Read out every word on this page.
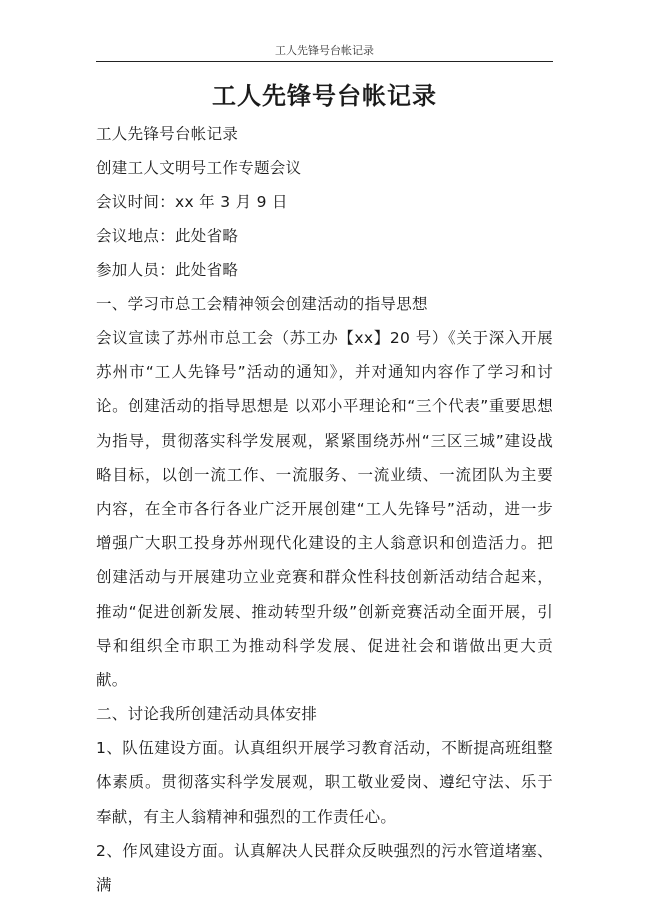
工人先锋号台帐记录
工人先锋号台帐记录
工人先锋号台帐记录
创建工人文明号工作专题会议
会议时间：xx 年 3 月 9 日
会议地点：此处省略
参加人员：此处省略
一、学习市总工会精神领会创建活动的指导思想
会议宣读了苏州市总工会（苏工办【xx】20 号）《关于深入开展苏州市“工人先锋号”活动的通知》，并对通知内容作了学习和讨论。创建活动的指导思想是 以邓小平理论和“三个代表”重要思想为指导，贯彻落实科学发展观，紧紧围绕苏州“三区三城”建设战略目标，以创一流工作、一流服务、一流业绩、一流团队为主要内容，在全市各行各业广泛开展创建“工人先锋号”活动，进一步增强广大职工投身苏州现代化建设的主人翁意识和创造活力。把创建活动与开展建功立业竞赛和群众性科技创新活动结合起来，推动“促进创新发展、推动转型升级”创新竞赛活动全面开展，引导和组织全市职工为推动科学发展、促进社会和谐做出更大贡献。
二、讨论我所创建活动具体安排
1、队伍建设方面。认真组织开展学习教育活动，不断提高班组整体素质。贯彻落实科学发展观，职工敬业爱岗、遵纪守法、乐于奉献，有主人翁精神和强烈的工作责任心。
2、作风建设方面。认真解决人民群众反映强烈的污水管道堵塞、满
